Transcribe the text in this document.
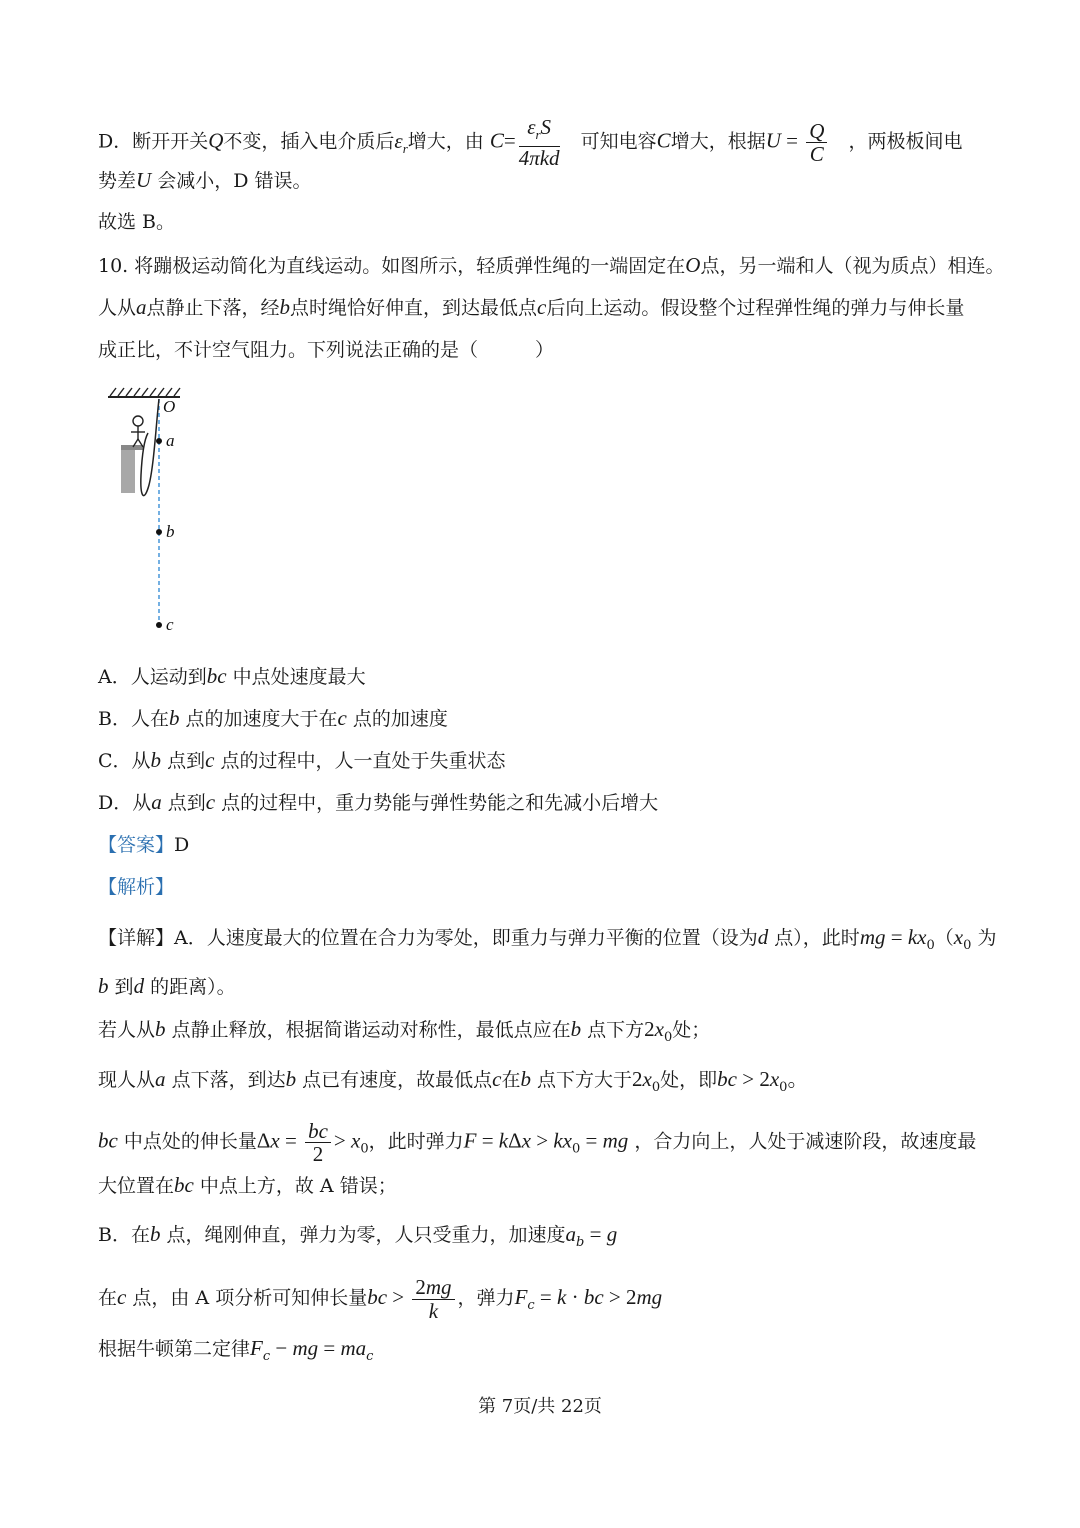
D．断开开关Q不变，插入电介质后$\varepsilon_r$增大，由 $C= \frac{\varepsilon_rS}{\text{4πkd}}$ 可知电容C增大，根据$U = \frac{Q}{C}$ ，两极板间电
势差U 会减小，D 错误。
故选 B。
10. 将蹦极运动简化为直线运动。如图所示，轻质弹性绳的一端固定在O点，另一端和人（视为质点）相连。
人从a点静止下落，经b点时绳恰好伸直，到达最低点c后向上运动。假设整个过程弹性绳的弹力与伸长量
成正比，不计空气阻力。下列说法正确的是（　　　）
O
a
b
c
A．人运动到bc 中点处速度最大
B．人在b 点的加速度大于在c 点的加速度
C．从b 点到c 点的过程中，人一直处于失重状态
D．从a 点到c 点的过程中，重力势能与弹性势能之和先减小后增大
【答案】D
【解析】
【详解】A．人速度最大的位置在合力为零处，即重力与弹力平衡的位置（设为d 点），此时mg = $kx_0(x_0$ 为
b 到d 的距离）。
若人从b 点静止释放，根据简谐运动对称性，最低点应在b 点下方$2x_0$处；
现人从a 点下落，到达b 点已有速度，故最低点c在b 点下方大于$2x_0$处，即bc > $2x_0$。
bc 中点处的伸长量$\Delta x = \frac{bc}{2} > x_0$，此时弹力$F = k\Delta x > kx_0$ = mg ，合力向上，人处于减速阶段，故速度最
大位置在bc 中点上方，故 A 错误；
B．在b 点，绳刚伸直，弹力为零，人只受重力，加速度$a_b = g$
在c 点，由 A 项分析可知伸长量bc > $\frac{2mg}{k}$ ，弹力$F_c = k$ · bc > 2mg
根据牛顿第二定律$F_c$ − mg = $ma_c$
第 7页/共 22页
